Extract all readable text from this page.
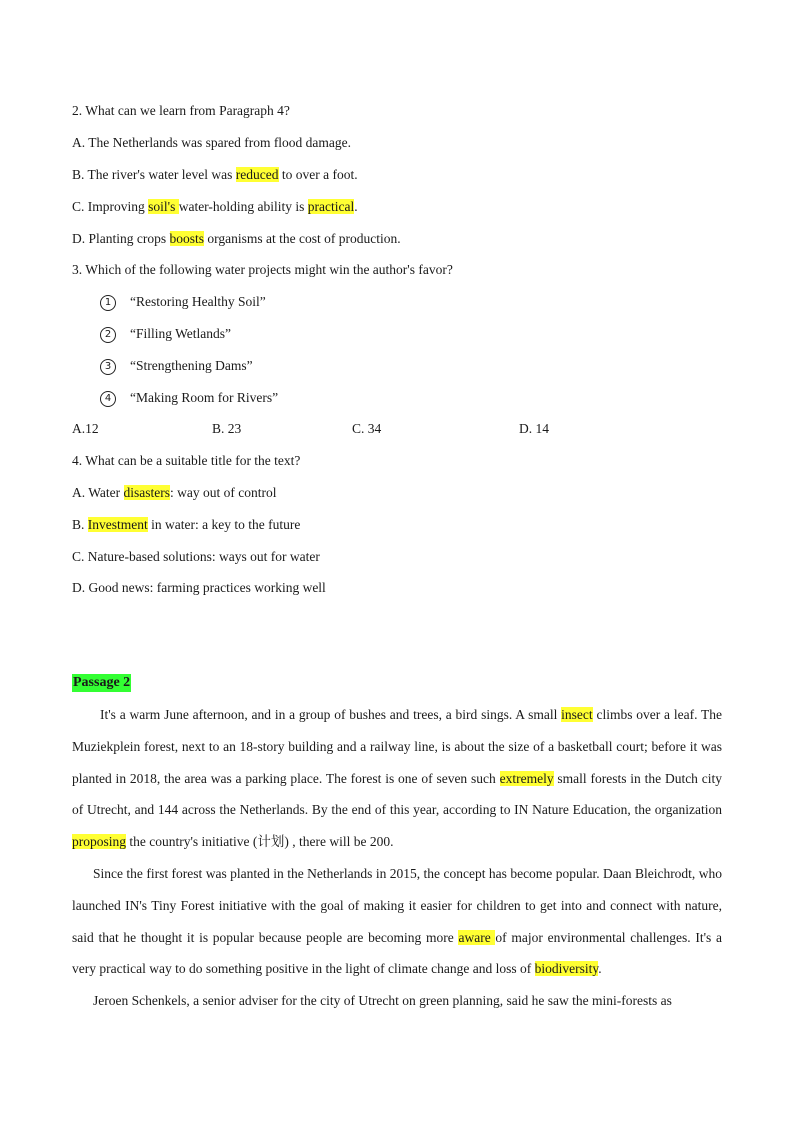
2. What can we learn from Paragraph 4?
A. The Netherlands was spared from flood damage.
B. The river's water level was reduced to over a foot.
C. Improving soil's water-holding ability is practical.
D. Planting crops boosts organisms at the cost of production.
3. Which of the following water projects might win the author's favor?
1 “Restoring Healthy Soil”
2 “Filling Wetlands”
3 “Strengthening Dams”
4 “Making Room for Rivers”
A.12	B. 23	C. 34	D. 14
4. What can be a suitable title for the text?
A. Water disasters: way out of control
B. Investment in water: a key to the future
C. Nature-based solutions: ways out for water
D. Good news: farming practices working well
Passage 2
It's a warm June afternoon, and in a group of bushes and trees, a bird sings. A small insect climbs over a leaf. The Muziekplein forest, next to an 18-story building and a railway line, is about the size of a basketball court; before it was planted in 2018, the area was a parking place. The forest is one of seven such extremely small forests in the Dutch city of Utrecht, and 144 across the Netherlands. By the end of this year, according to IN Nature Education, the organization proposing the country's initiative (计划) , there will be 200.
Since the first forest was planted in the Netherlands in 2015, the concept has become popular. Daan Bleichrodt, who launched IN's Tiny Forest initiative with the goal of making it easier for children to get into and connect with nature, said that he thought it is popular because people are becoming more aware of major environmental challenges. It's a very practical way to do something positive in the light of climate change and loss of biodiversity.
Jeroen Schenkels, a senior adviser for the city of Utrecht on green planning, said he saw the mini-forests as
